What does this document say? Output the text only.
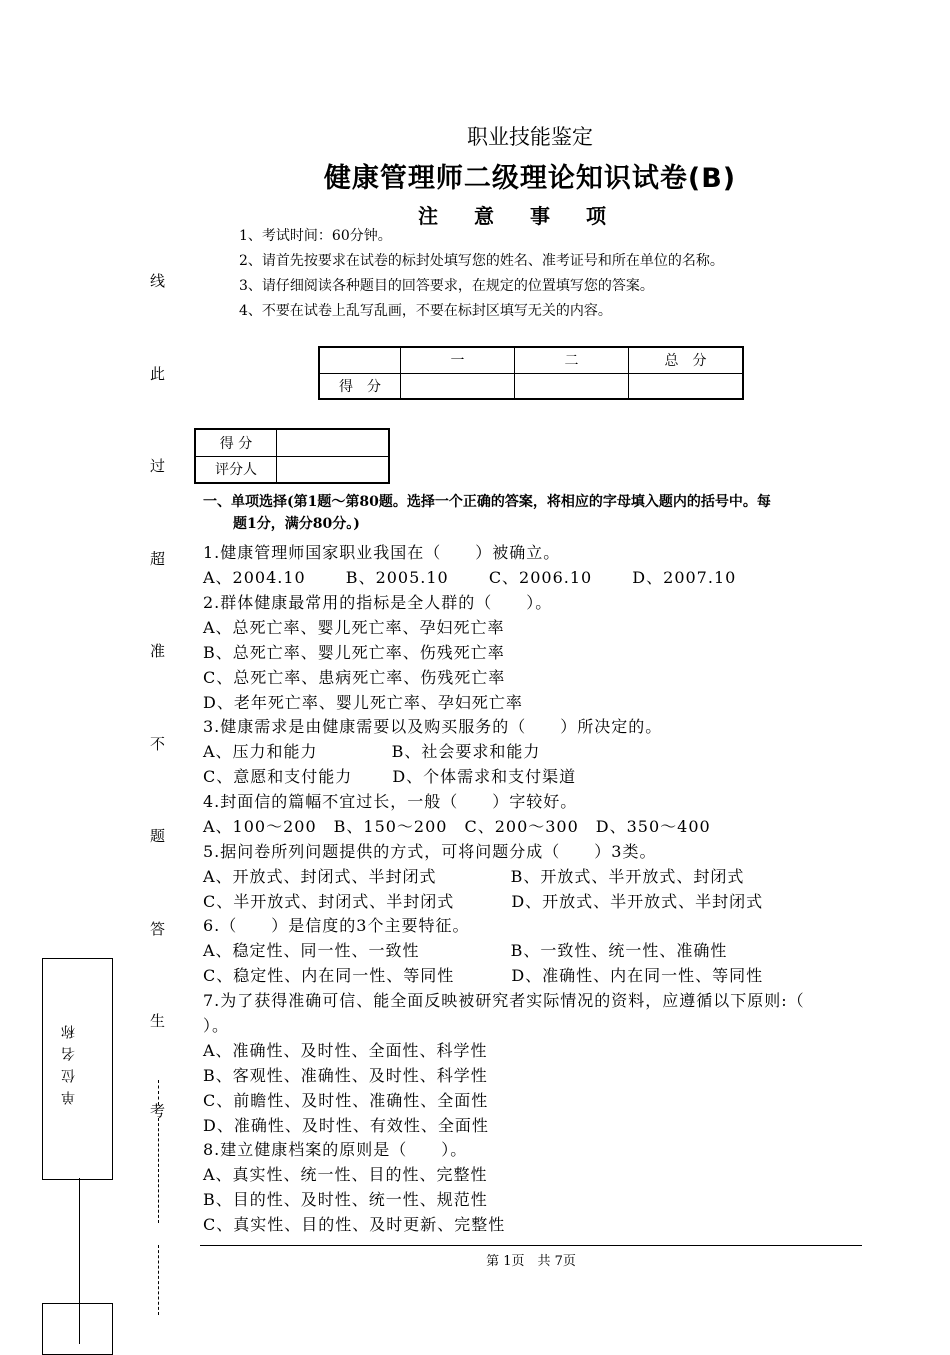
职业技能鉴定
健康管理师二级理论知识试卷(B)
注意事项
1、考试时间：60分钟。
2、请首先按要求在试卷的标封处填写您的姓名、准考证号和所在单位的名称。
3、请仔细阅读各种题目的回答要求，在规定的位置填写您的答案。
4、不要在试卷上乱写乱画，不要在标封区填写无关的内容。
	一	二	总　分
得　分			
得 分	
评分人	
一、单项选择(第1题～第80题。选择一个正确的答案，将相应的字母填入题内的括号中。每
题1分，满分80分。)
1.健康管理师国家职业我国在（　　）被确立。
A、2004.10　　 B、2005.10　　 C、2006.10　　 D、2007.10
2.群体健康最常用的指标是全人群的（　　）。
A、总死亡率、婴儿死亡率、孕妇死亡率
B、总死亡率、婴儿死亡率、伤残死亡率
C、总死亡率、患病死亡率、伤残死亡率
D、老年死亡率、婴儿死亡率、孕妇死亡率
3.健康需求是由健康需要以及购买服务的（　　）所决定的。
A、压力和能力　　　　 B、社会要求和能力
C、意愿和支付能力　　 D、个体需求和支付渠道
4.封面信的篇幅不宜过长，一般（　　）字较好。
A、100～200　B、150～200　C、200～300　D、350～400
5.据问卷所列问题提供的方式，可将问题分成（　　）3类。
A、开放式、封闭式、半封闭式　　　　 B、开放式、半开放式、封闭式
C、半开放式、封闭式、半封闭式　　　 D、开放式、半开放式、半封闭式
6.（　　）是信度的3个主要特征。
A、稳定性、同一性、一致性　　　　　 B、一致性、统一性、准确性
C、稳定性、内在同一性、等同性　　　 D、准确性、内在同一性、等同性
7.为了获得准确可信、能全面反映被研究者实际情况的资料，应遵循以下原则:（
）。
A、准确性、及时性、全面性、科学性
B、客观性、准确性、及时性、科学性
C、前瞻性、及时性、准确性、全面性
D、准确性、及时性、有效性、全面性
8.建立健康档案的原则是（　　）。
A、真实性、统一性、目的性、完整性
B、目的性、及时性、统一性、规范性
C、真实性、目的性、及时更新、完整性
线
此
过
超
准
不
题
答
生
考
单位名称
第 1页　共 7页
